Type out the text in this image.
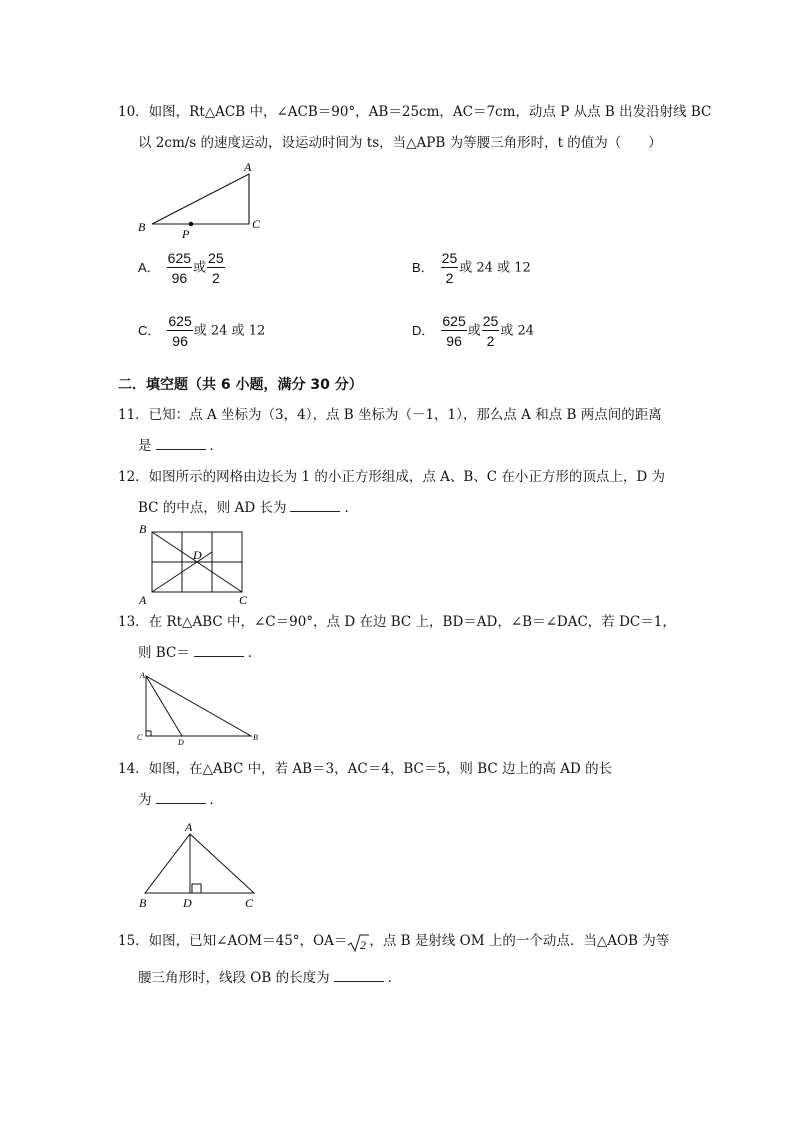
10．如图，Rt△ACB 中，∠ACB＝90°，AB＝25cm，AC＝7cm，动点 P 从点 B 出发沿射线 BC
以 2cm/s 的速度运动，设运动时间为 ts，当△APB 为等腰三角形时，t 的值为（　　）
A
B	C
P
A． $\frac{625}{96}$ 或 $\frac{25}{2}$	B． $\frac{25}{2}$ 或 24 或 12
C． $\frac{625}{96}$ 或 24 或 12	D． $\frac{625}{96}$ 或 $\frac{25}{2}$ 或 24
二．填空题（共 6 小题，满分 30 分）
11．已知：点 A 坐标为（3，4），点 B 坐标为（－1，1），那么点 A 和点 B 两点间的距离
是	．
12．如图所示的网格由边长为 1 的小正方形组成，点 A、B、C 在小正方形的顶点上，D 为
BC 的中点，则 AD 长为	．
B
A	C
D
13．在 Rt△ABC 中，∠C＝90°，点 D 在边 BC 上，BD＝AD，∠B＝∠DAC，若 DC＝1，
则 BC＝	．
A
C
D
B
14．如图，在△ABC 中，若 AB＝3，AC＝4，BC＝5，则 BC 边上的高 AD 的长
为	．
A
B	D	C
15．如图，已知∠AOM＝45°，OA＝ 2 ，点 B 是射线 OM 上的一个动点．当△AOB 为等
腰三角形时，线段 OB 的长度为	．
